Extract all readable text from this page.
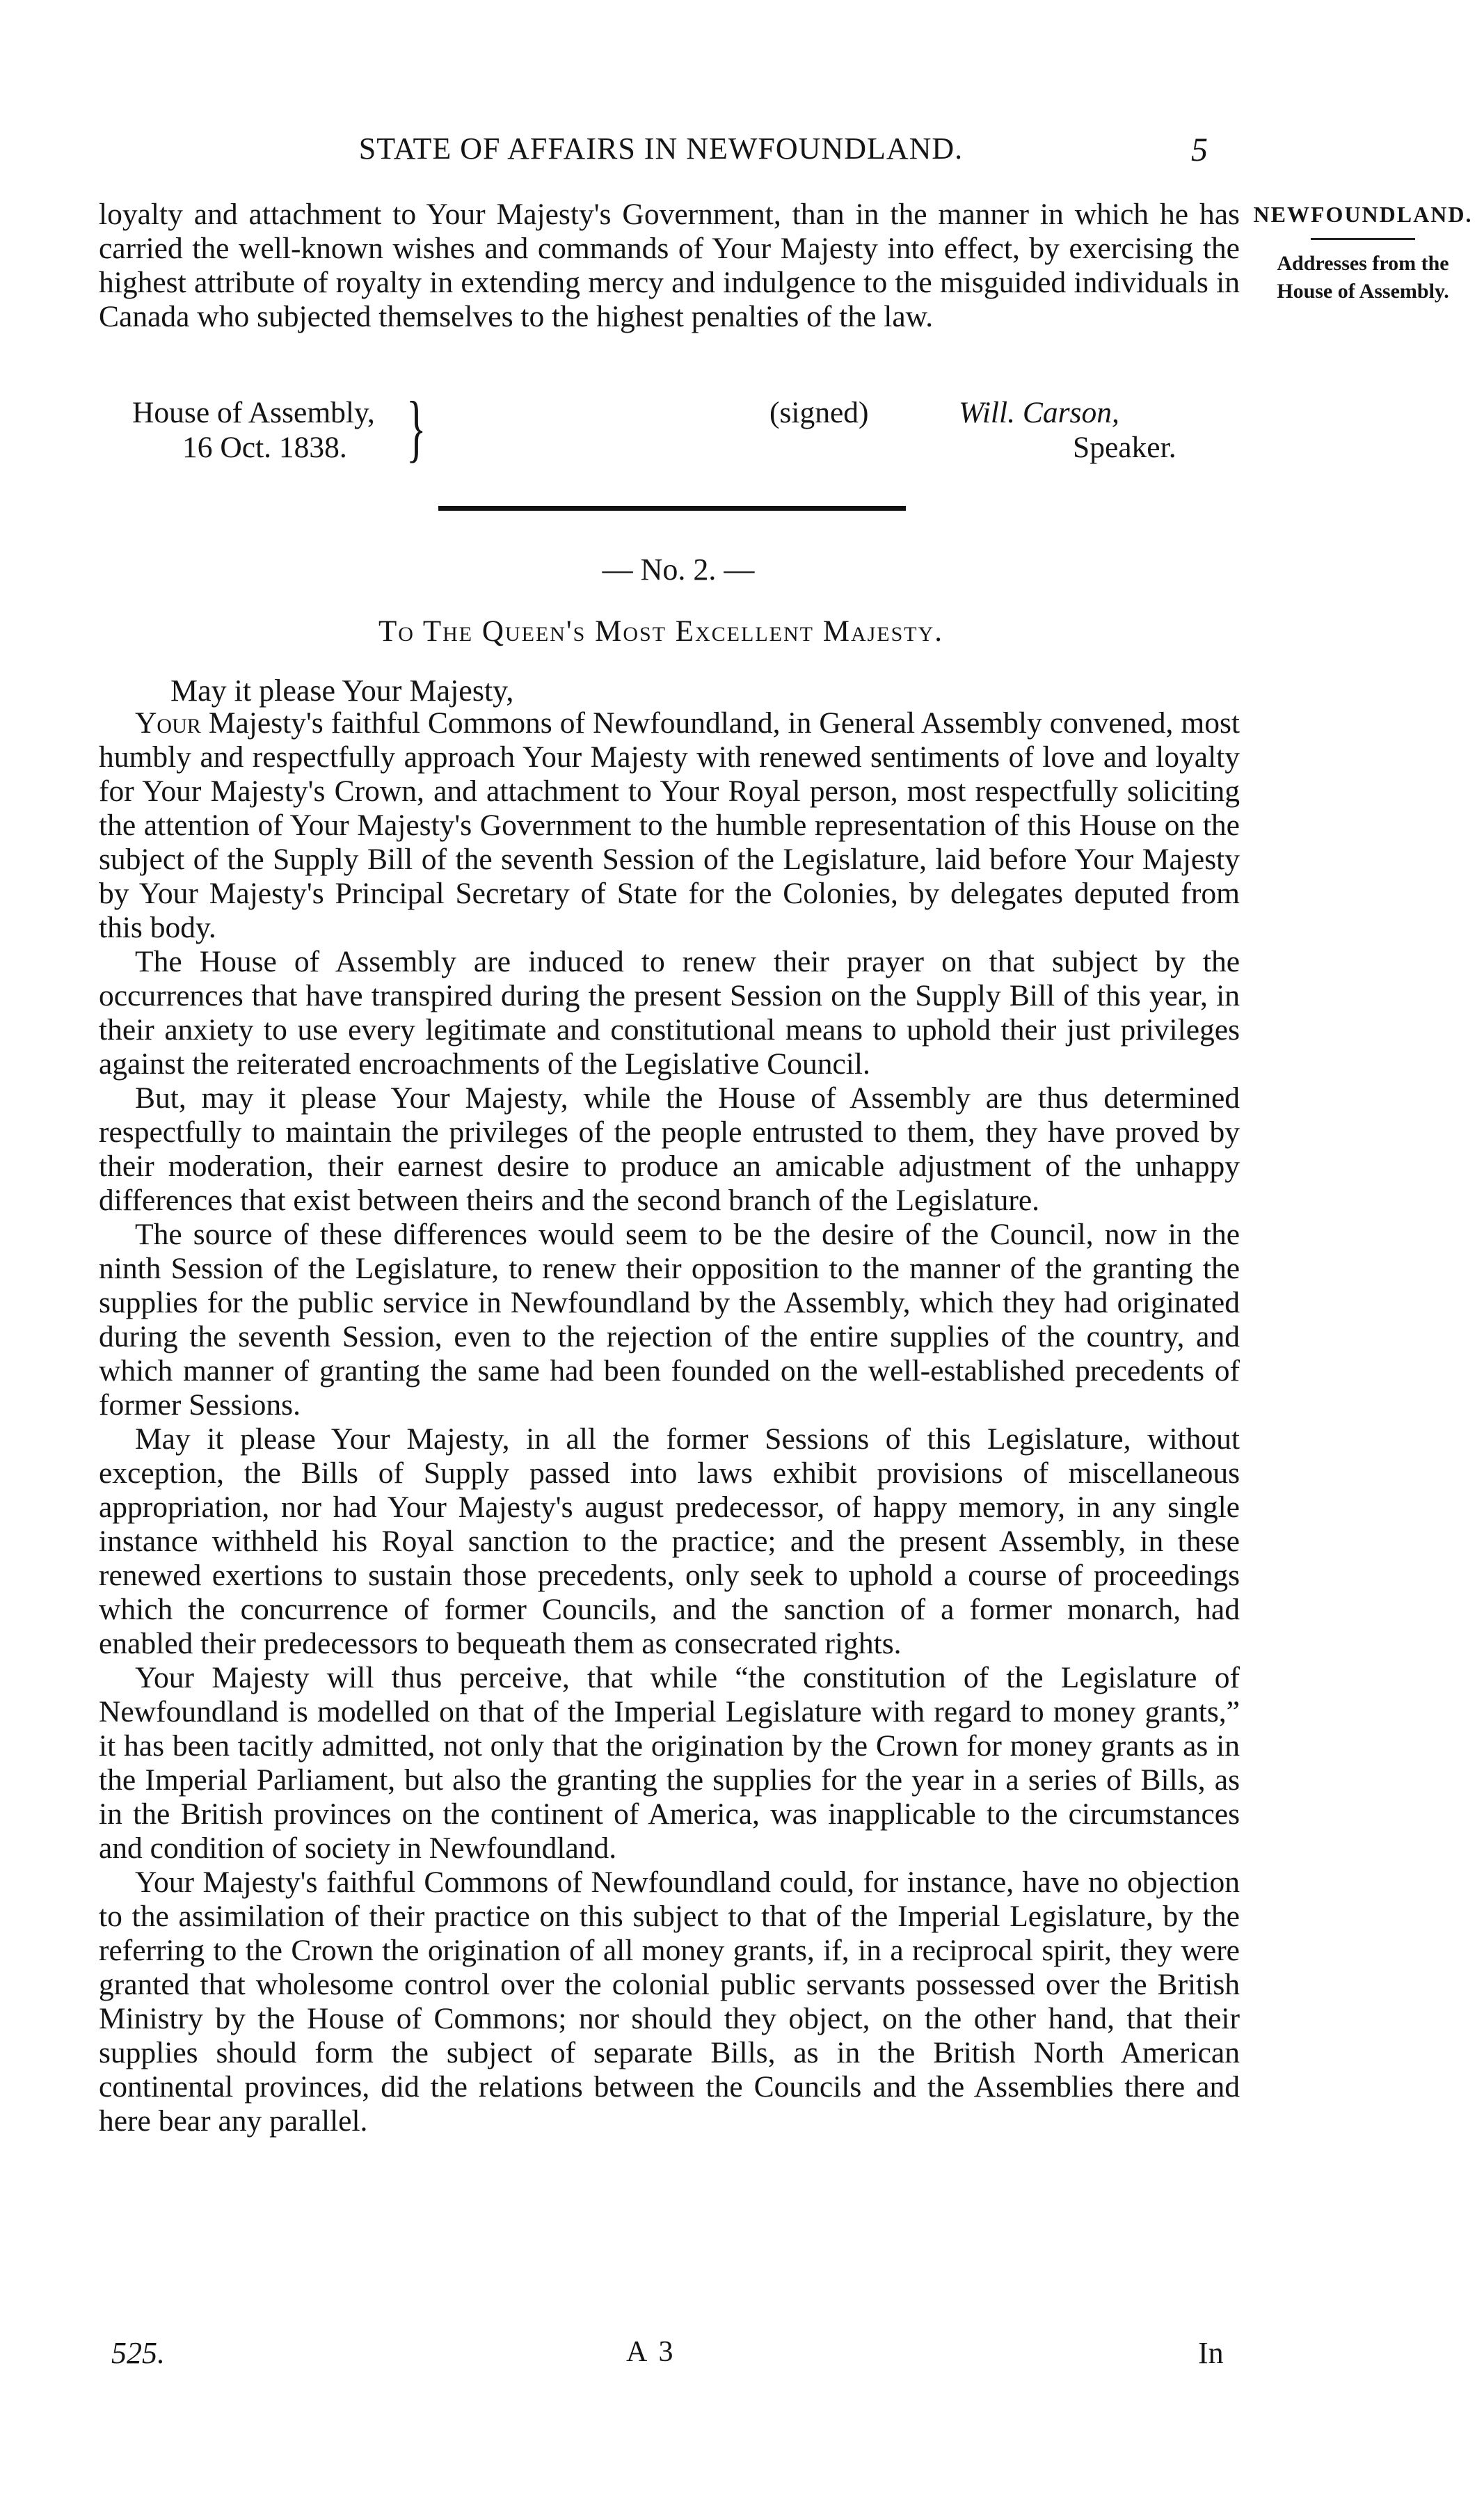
STATE OF AFFAIRS IN NEWFOUNDLAND.	5
NEWFOUNDLAND.
Addresses from the
House of Assembly.

loyalty and attachment to Your Majesty's Government, than in the manner in which he has carried the well-known wishes and commands of Your Majesty into effect, by exercising the highest attribute of royalty in extending mercy and indulgence to the misguided individuals in Canada who subjected themselves to the highest penalties of the law.

House of Assembly,
16 Oct. 1838. }	(signed)	Will. Carson,
Speaker.
— No. 2. —
To The Queen's Most Excellent Majesty.
May it please Your Majesty,

Your Majesty's faithful Commons of Newfoundland, in General Assembly convened, most humbly and respectfully approach Your Majesty with renewed sentiments of love and loyalty for Your Majesty's Crown, and attachment to Your Royal person, most respectfully soliciting the attention of Your Majesty's Government to the humble representation of this House on the subject of the Supply Bill of the seventh Session of the Legislature, laid before Your Majesty by Your Majesty's Principal Secretary of State for the Colonies, by delegates deputed from this body.

The House of Assembly are induced to renew their prayer on that subject by the occurrences that have transpired during the present Session on the Supply Bill of this year, in their anxiety to use every legitimate and constitutional means to uphold their just privileges against the reiterated encroachments of the Legislative Council.

But, may it please Your Majesty, while the House of Assembly are thus determined respectfully to maintain the privileges of the people entrusted to them, they have proved by their moderation, their earnest desire to produce an amicable adjustment of the unhappy differences that exist between theirs and the second branch of the Legislature.

The source of these differences would seem to be the desire of the Council, now in the ninth Session of the Legislature, to renew their opposition to the manner of the granting the supplies for the public service in Newfoundland by the Assembly, which they had originated during the seventh Session, even to the rejection of the entire supplies of the country, and which manner of granting the same had been founded on the well-established precedents of former Sessions.

May it please Your Majesty, in all the former Sessions of this Legislature, without exception, the Bills of Supply passed into laws exhibit provisions of miscellaneous appropriation, nor had Your Majesty's august predecessor, of happy memory, in any single instance withheld his Royal sanction to the practice; and the present Assembly, in these renewed exertions to sustain those precedents, only seek to uphold a course of proceedings which the concurrence of former Councils, and the sanction of a former monarch, had enabled their predecessors to bequeath them as consecrated rights.

Your Majesty will thus perceive, that while “the constitution of the Legislature of Newfoundland is modelled on that of the Imperial Legislature with regard to money grants,” it has been tacitly admitted, not only that the origination by the Crown for money grants as in the Imperial Parliament, but also the granting the supplies for the year in a series of Bills, as in the British provinces on the continent of America, was inapplicable to the circumstances and condition of society in Newfoundland.

Your Majesty's faithful Commons of Newfoundland could, for instance, have no objection to the assimilation of their practice on this subject to that of the Imperial Legislature, by the referring to the Crown the origination of all money grants, if, in a reciprocal spirit, they were granted that wholesome control over the colonial public servants possessed over the British Ministry by the House of Commons; nor should they object, on the other hand, that their supplies should form the subject of separate Bills, as in the British North American continental provinces, did the relations between the Councils and the Assemblies there and here bear any parallel.

525.	A 3	In
